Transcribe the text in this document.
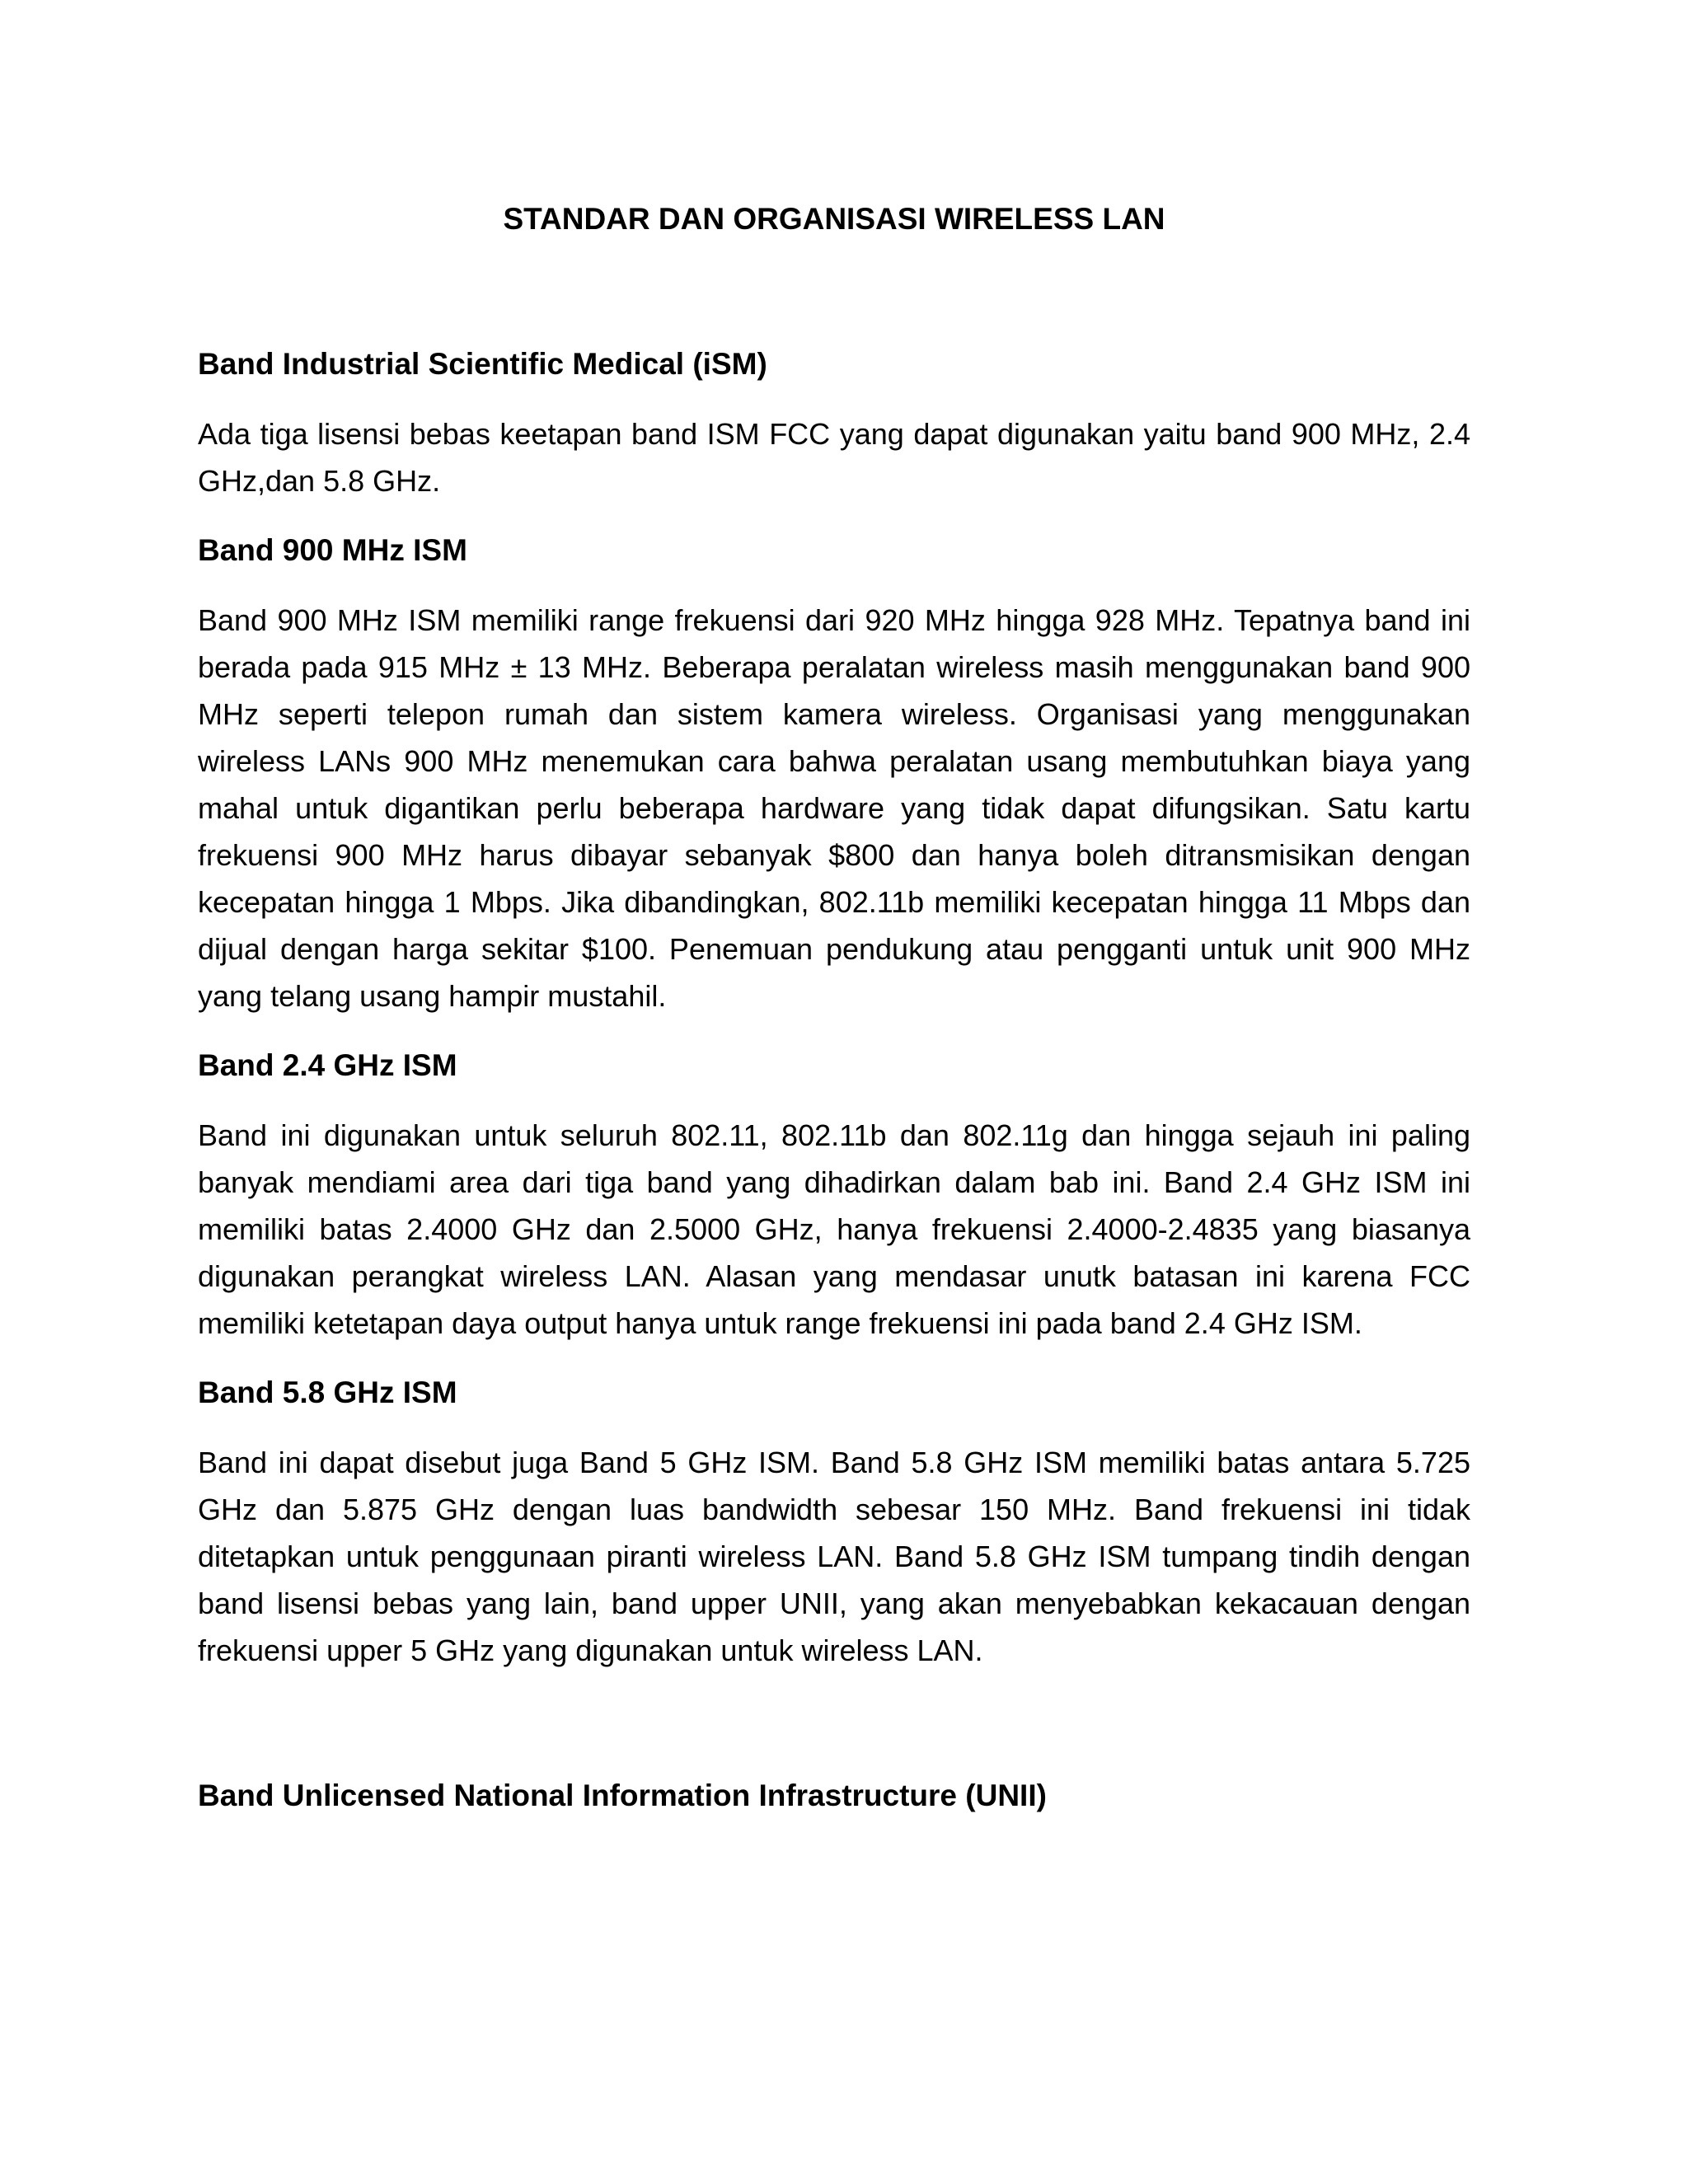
STANDAR DAN ORGANISASI WIRELESS LAN
Band Industrial Scientific Medical (iSM)

Ada tiga lisensi bebas keetapan band ISM FCC yang dapat digunakan yaitu band 900 MHz, 2.4 GHz,dan 5.8 GHz.

Band 900 MHz ISM

Band 900 MHz ISM memiliki range frekuensi dari 920 MHz hingga 928 MHz. Tepatnya band ini berada pada 915 MHz ± 13 MHz. Beberapa peralatan wireless masih menggunakan band 900 MHz seperti telepon rumah dan sistem kamera wireless. Organisasi yang menggunakan wireless LANs 900 MHz menemukan cara bahwa peralatan usang membutuhkan biaya yang mahal untuk digantikan perlu beberapa hardware yang tidak dapat difungsikan. Satu kartu frekuensi 900 MHz harus dibayar sebanyak $800 dan hanya boleh ditransmisikan dengan kecepatan hingga 1 Mbps. Jika dibandingkan, 802.11b memiliki kecepatan hingga 11 Mbps dan dijual dengan harga sekitar $100. Penemuan pendukung atau pengganti untuk unit 900 MHz yang telang usang hampir mustahil.

Band 2.4 GHz ISM

Band ini digunakan untuk seluruh 802.11, 802.11b dan 802.11g dan hingga sejauh ini paling banyak mendiami area dari tiga band yang dihadirkan dalam bab ini. Band 2.4 GHz ISM ini memiliki batas 2.4000 GHz dan 2.5000 GHz, hanya frekuensi 2.4000-2.4835 yang biasanya digunakan perangkat wireless LAN. Alasan yang mendasar unutk batasan ini karena FCC memiliki ketetapan daya output hanya untuk range frekuensi ini pada band 2.4 GHz ISM.

Band 5.8 GHz ISM

Band ini dapat disebut juga Band 5 GHz ISM. Band 5.8 GHz ISM memiliki batas antara 5.725 GHz dan 5.875 GHz dengan luas bandwidth sebesar 150 MHz. Band frekuensi ini tidak ditetapkan untuk penggunaan piranti wireless LAN. Band 5.8 GHz ISM tumpang tindih dengan band lisensi bebas yang lain, band upper UNII, yang akan menyebabkan kekacauan dengan frekuensi upper 5 GHz yang digunakan untuk wireless LAN.

Band Unlicensed National Information Infrastructure (UNII)
